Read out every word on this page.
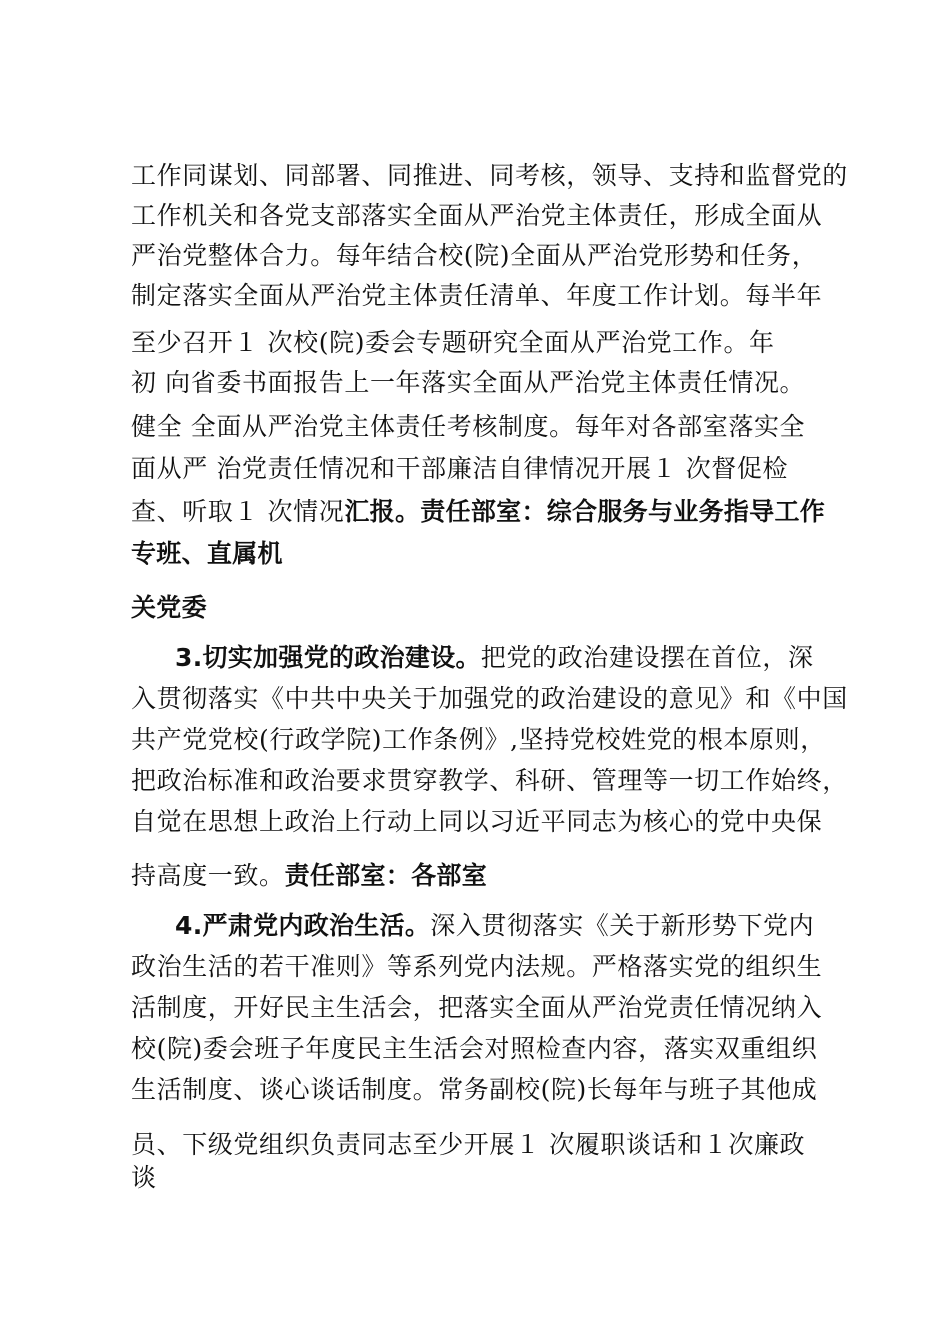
工作同谋划、同部署、同推进、同考核，领导、支持和监督党的
工作机关和各党支部落实全面从严治党主体责任，形成全面从
严治党整体合力。每年结合校(院)全面从严治党形势和任务，
制定落实全面从严治党主体责任清单、年度工作计划。每半年
至少召开１ 次校(院)委会专题研究全面从严治党工作。年
初 向省委书面报告上一年落实全面从严治党主体责任情况。
健全 全面从严治党主体责任考核制度。每年对各部室落实全
面从严 治党责任情况和干部廉洁自律情况开展１ 次督促检
查、听取１ 次情况汇报。责任部室：综合服务与业务指导工作
专班、直属机
关党委
3.切实加强党的政治建设。把党的政治建设摆在首位，深
入贯彻落实《中共中央关于加强党的政治建设的意见》和《中国
共产党党校(行政学院)工作条例》,坚持党校姓党的根本原则，
把政治标准和政治要求贯穿教学、科研、管理等一切工作始终，
自觉在思想上政治上行动上同以习近平同志为核心的党中央保
持高度一致。责任部室：各部室
4.严肃党内政治生活。深入贯彻落实《关于新形势下党内
政治生活的若干准则》等系列党内法规。严格落实党的组织生
活制度，开好民主生活会，把落实全面从严治党责任情况纳入
校(院)委会班子年度民主生活会对照检查内容，落实双重组织
生活制度、谈心谈话制度。常务副校(院)长每年与班子其他成
员、下级党组织负责同志至少开展１ 次履职谈话和１次廉政
谈
